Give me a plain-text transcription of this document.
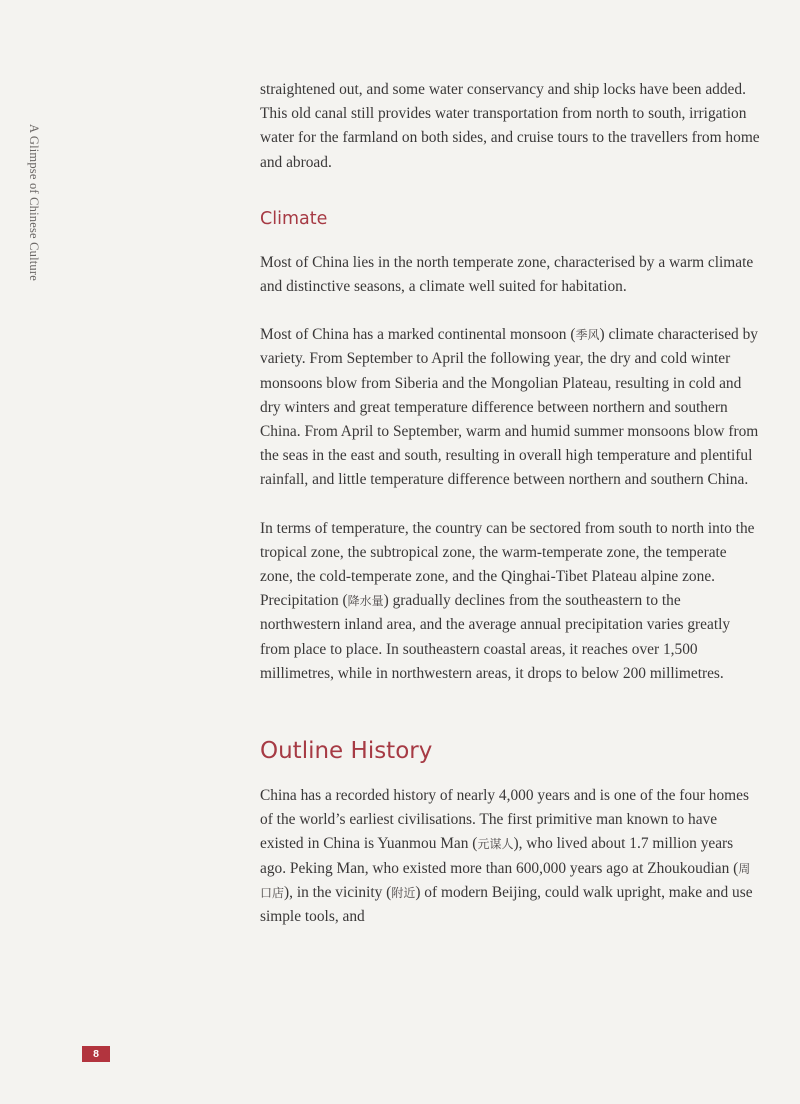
A Glimpse of Chinese Culture

straightened out, and some water conservancy and ship locks have been added. This old canal still provides water transportation from north to south, irrigation water for the farmland on both sides, and cruise tours to the travellers from home and abroad.

Climate

Most of China lies in the north temperate zone, characterised by a warm climate and distinctive seasons, a climate well suited for habitation.

Most of China has a marked continental monsoon (季风) climate characterised by variety. From September to April the following year, the dry and cold winter monsoons blow from Siberia and the Mongolian Plateau, resulting in cold and dry winters and great temperature difference between northern and southern China. From April to September, warm and humid summer monsoons blow from the seas in the east and south, resulting in overall high temperature and plentiful rainfall, and little temperature difference between northern and southern China.

In terms of temperature, the country can be sectored from south to north into the tropical zone, the subtropical zone, the warm-temperate zone, the temperate zone, the cold-temperate zone, and the Qinghai-Tibet Plateau alpine zone. Precipitation (降水量) gradually declines from the southeastern to the northwestern inland area, and the average annual precipitation varies greatly from place to place. In southeastern coastal areas, it reaches over 1,500 millimetres, while in northwestern areas, it drops to below 200 millimetres.

Outline History

China has a recorded history of nearly 4,000 years and is one of the four homes of the world’s earliest civilisations. The first primitive man known to have existed in China is Yuanmou Man (元谋人), who lived about 1.7 million years ago. Peking Man, who existed more than 600,000 years ago at Zhoukoudian (周口店), in the vicinity (附近) of modern Beijing, could walk upright, make and use simple tools, and

8
